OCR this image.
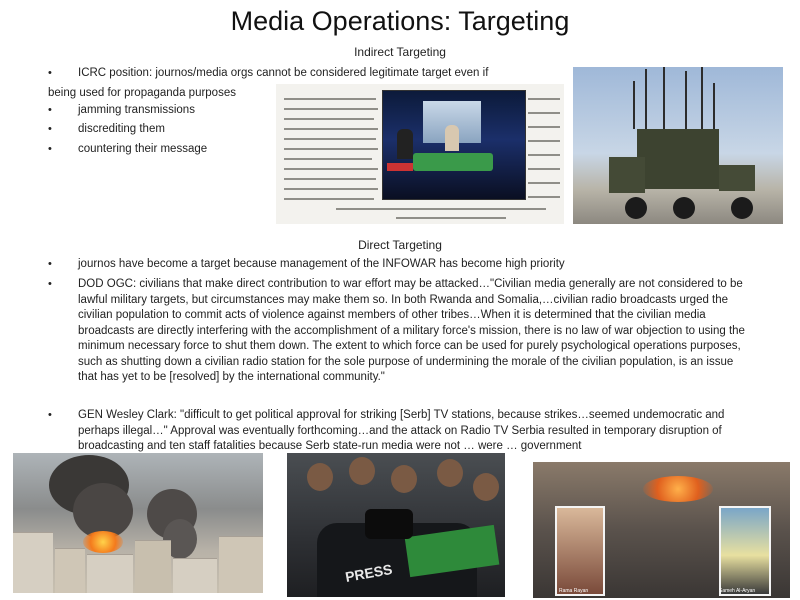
Media Operations: Targeting
Indirect Targeting
•	ICRC position: journos/media orgs cannot be considered legitimate target even if
being used for propaganda purposes
•	jamming transmissions
•	discrediting them
•	countering their message
Direct Targeting
•	journos have become a target because management of the INFOWAR has become high priority
•	DOD OGC: civilians that make direct contribution to war effort may be attacked…"Civilian media generally are not considered to be lawful military targets, but circumstances may make them so. In both Rwanda and Somalia,…civilian radio broadcasts urged the civilian population to commit acts of violence against members of other tribes…When it is determined that the civilian media broadcasts are directly interfering with the accomplishment of a military force's mission, there is no law of war objection to using the minimum necessary force to shut them down. The extent to which force can be used for purely psychological operations purposes, such as shutting down a civilian radio station for the sole purpose of undermining the morale of the civilian population, is an issue that has yet to be [resolved] by the international community."
•	GEN Wesley Clark: "difficult to get political approval for striking [Serb] TV stations, because strikes…seemed undemocratic and perhaps illegal…" Approval was eventually forthcoming…and the attack on Radio TV Serbia resulted in temporary disruption of broadcasting and ten staff fatalities because Serb state-run media were not … were … government
PRESS
Rama Rayan	Sameh Al-Aryan
